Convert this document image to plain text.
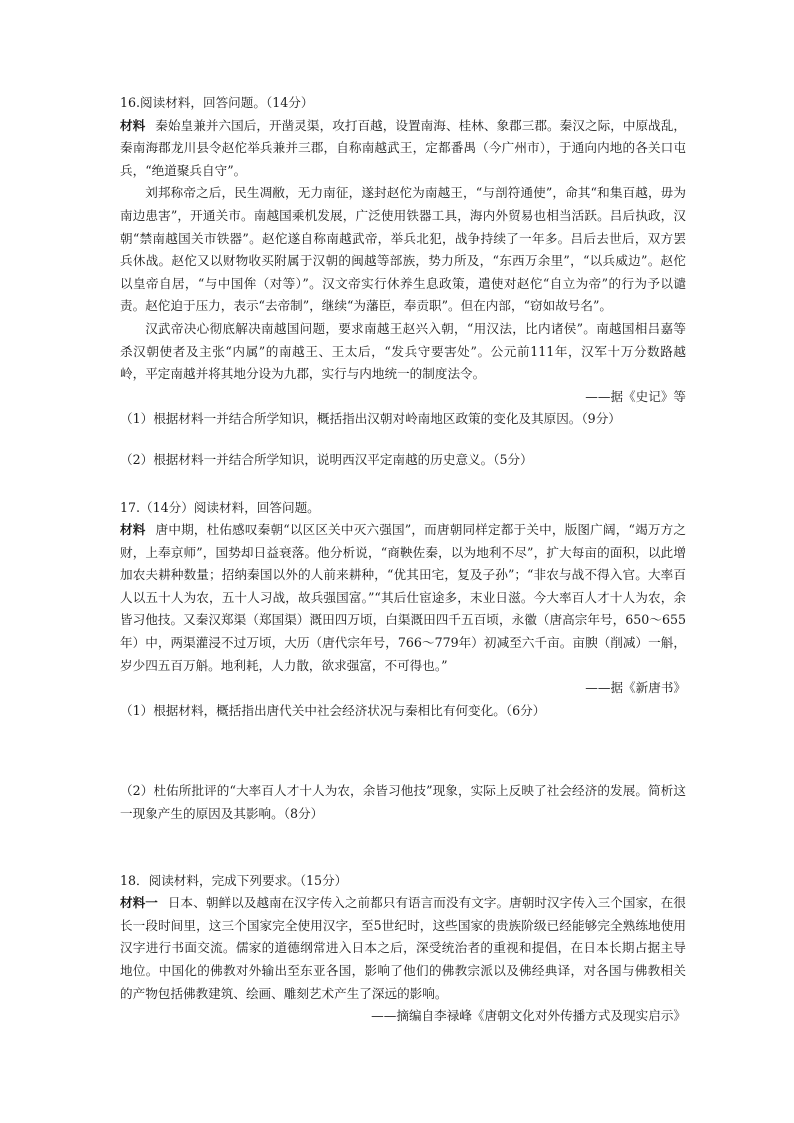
16.阅读材料，回答问题。（14分）

材料 秦始皇兼并六国后，开凿灵渠，攻打百越，设置南海、桂林、象郡三郡。秦汉之际，中原战乱，秦南海郡龙川县令赵佗举兵兼并三郡，自称南越武王，定都番禺（今广州市），于通向内地的各关口屯兵，“绝道聚兵自守”。

刘邦称帝之后，民生凋敝，无力南征，遂封赵佗为南越王，“与剖符通使”，命其“和集百越，毋为南边患害”，开通关市。南越国乘机发展，广泛使用铁器工具，海内外贸易也相当活跃。吕后执政，汉朝“禁南越国关市铁器”。赵佗遂自称南越武帝，举兵北犯，战争持续了一年多。吕后去世后，双方罢兵休战。赵佗又以财物收买附属于汉朝的闽越等部族，势力所及，“东西万余里”，“以兵威边”。赵佗以皇帝自居，“与中国侔（对等）”。汉文帝实行休养生息政策，遣使对赵佗“自立为帝”的行为予以谴责。赵佗迫于压力，表示“去帝制”，继续“为藩臣，奉贡职”。但在内部，“窃如故号名”。

汉武帝决心彻底解决南越国问题，要求南越王赵兴入朝，“用汉法，比内诸侯”。南越国相吕嘉等杀汉朝使者及主张“内属”的南越王、王太后，“发兵守要害处”。公元前111年，汉军十万分数路越岭，平定南越并将其地分设为九郡，实行与内地统一的制度法令。

——据《史记》等

（1）根据材料一并结合所学知识，概括指出汉朝对岭南地区政策的变化及其原因。（9分）

（2）根据材料一并结合所学知识，说明西汉平定南越的历史意义。（5分）

17.（14分）阅读材料，回答问题。

材料 唐中期，杜佑感叹秦朝“以区区关中灭六强国”，而唐朝同样定都于关中，版图广阔，“竭万方之财，上奉京师”，国势却日益衰落。他分析说，“商鞅佐秦，以为地利不尽”，扩大每亩的面积，以此增加农夫耕种数量；招纳秦国以外的人前来耕种，“优其田宅，复及子孙”；“非农与战不得入官。大率百人以五十人为农，五十人习战，故兵强国富。”“其后仕宦途多，末业日滋。今大率百人才十人为农，余皆习他技。又秦汉郑渠（郑国渠）溉田四万顷，白渠溉田四千五百顷，永徽（唐高宗年号，650～655年）中，两渠灌浸不过万顷，大历（唐代宗年号，766～779年）初减至六千亩。亩腴（削减）一斛，岁少四五百万斛。地利耗，人力散，欲求强富，不可得也。”

——据《新唐书》

（1）根据材料，概括指出唐代关中社会经济状况与秦相比有何变化。（6分）

（2）杜佑所批评的“大率百人才十人为农，余皆习他技”现象，实际上反映了社会经济的发展。简析这一现象产生的原因及其影响。（8分）

18．阅读材料，完成下列要求。（15分）

材料一 日本、朝鲜以及越南在汉字传入之前都只有语言而没有文字。唐朝时汉字传入三个国家，在很长一段时间里，这三个国家完全使用汉字，至5世纪时，这些国家的贵族阶级已经能够完全熟练地使用汉字进行书面交流。儒家的道德纲常进入日本之后，深受统治者的重视和提倡，在日本长期占据主导地位。中国化的佛教对外输出至东亚各国，影响了他们的佛教宗派以及佛经典译，对各国与佛教相关的产物包括佛教建筑、绘画、雕刻艺术产生了深远的影响。

——摘编自李禄峰《唐朝文化对外传播方式及现实启示》
